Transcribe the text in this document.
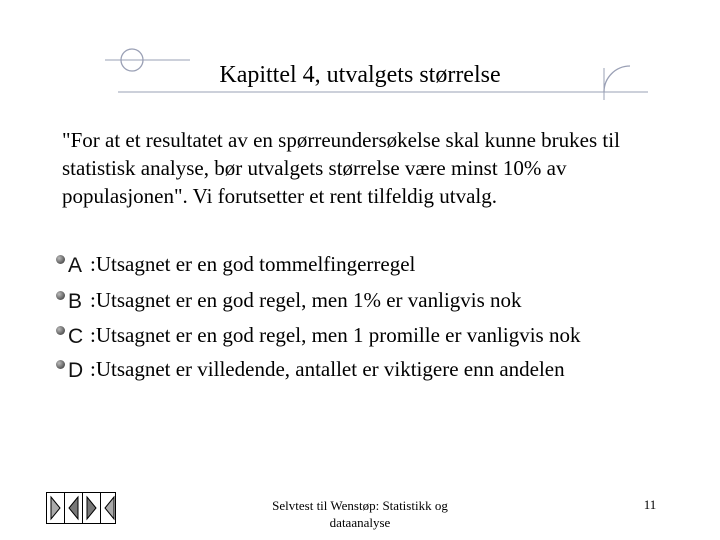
Kapittel 4, utvalgets størrelse
"For at et resultatet av en spørreundersøkelse skal kunne brukes til statistisk analyse, bør utvalgets størrelse være minst 10% av populasjonen". Vi forutsetter et rent tilfeldig utvalg.
A :Utsagnet er en god tommelfingerregel
B :Utsagnet er en god regel, men 1% er vanligvis nok
C :Utsagnet er en god regel, men 1 promille er vanligvis nok
D :Utsagnet er villedende, antallet er viktigere enn andelen
Selvtest til Wenstøp: Statistikk og dataanalyse
11
